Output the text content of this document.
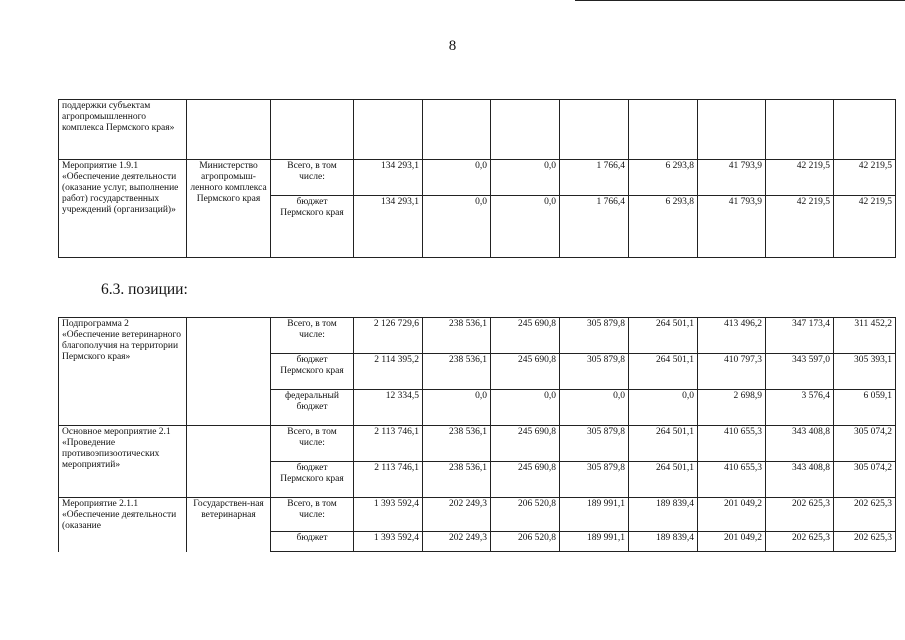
8
поддержки субъектам агропромышленного комплекса Пермского края»										
Мероприятие 1.9.1 «Обеспечение деятельности (оказание услуг, выполнение работ) государственных учреждений (организаций)»	Министерство агропромыш-ленного комплекса Пермского края	Всего, в том числе:	134 293,1	0,0	0,0	1 766,4	6 293,8	41 793,9	42 219,5	42 219,5
		бюджет Пермского края	134 293,1	0,0	0,0	1 766,4	6 293,8	41 793,9	42 219,5	42 219,5
6.3. позиции:
Подпрограмма 2 «Обеспечение ветеринарного благополучия на территории Пермского края»		Всего, в том числе:	2 126 729,6	238 536,1	245 690,8	305 879,8	264 501,1	413 496,2	347 173,4	311 452,2
		бюджет Пермского края	2 114 395,2	238 536,1	245 690,8	305 879,8	264 501,1	410 797,3	343 597,0	305 393,1
		федеральный бюджет	12 334,5	0,0	0,0	0,0	0,0	2 698,9	3 576,4	6 059,1
Основное мероприятие 2.1 «Проведение противоэпизоотических мероприятий»		Всего, в том числе:	2 113 746,1	238 536,1	245 690,8	305 879,8	264 501,1	410 655,3	343 408,8	305 074,2
		бюджет Пермского края	2 113 746,1	238 536,1	245 690,8	305 879,8	264 501,1	410 655,3	343 408,8	305 074,2
Мероприятие 2.1.1 «Обеспечение деятельности (оказание	Государствен-ная ветеринарная	Всего, в том числе:	1 393 592,4	202 249,3	206 520,8	189 991,1	189 839,4	201 049,2	202 625,3	202 625,3
		бюджет	1 393 592,4	202 249,3	206 520,8	189 991,1	189 839,4	201 049,2	202 625,3	202 625,3
